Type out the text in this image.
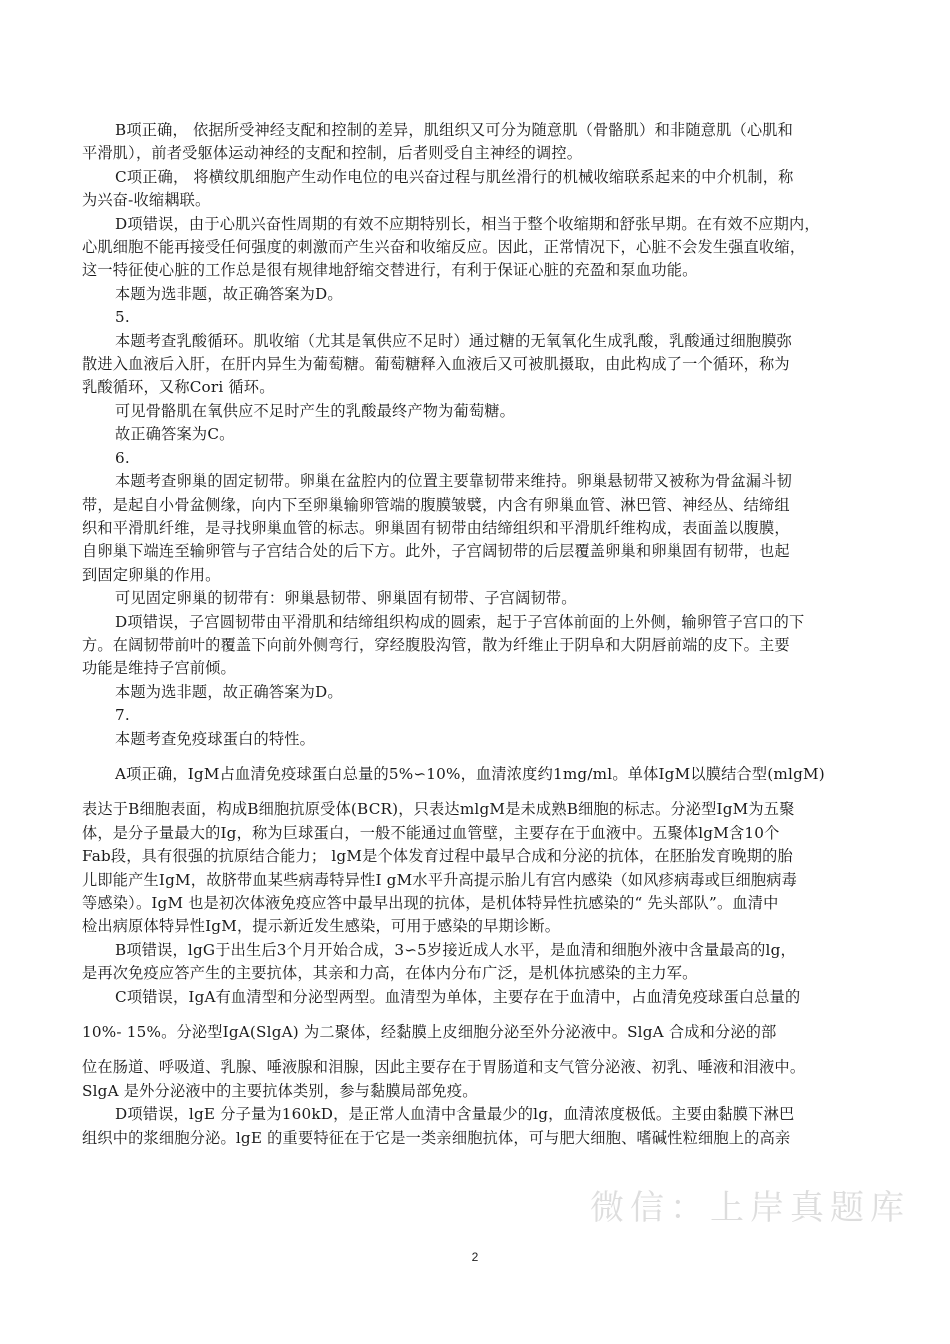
B项正确， 依据所受神经支配和控制的差异，肌组织又可分为随意肌（骨骼肌）和非随意肌（心肌和
平滑肌），前者受躯体运动神经的支配和控制，后者则受自主神经的调控。
C项正确， 将横纹肌细胞产生动作电位的电兴奋过程与肌丝滑行的机械收缩联系起来的中介机制，称
为兴奋-收缩耦联。
D项错误，由于心肌兴奋性周期的有效不应期特别长，相当于整个收缩期和舒张早期。在有效不应期内，
心肌细胞不能再接受任何强度的刺激而产生兴奋和收缩反应。因此，正常情况下，心脏不会发生强直收缩，
这一特征使心脏的工作总是很有规律地舒缩交替进行，有利于保证心脏的充盈和泵血功能。
本题为选非题，故正确答案为D。
5.
本题考查乳酸循环。肌收缩（尤其是氧供应不足时）通过糖的无氧氧化生成乳酸，乳酸通过细胞膜弥
散进入血液后入肝，在肝内异生为葡萄糖。葡萄糖释入血液后又可被肌摄取，由此构成了一个循环，称为
乳酸循环，又称Cori 循环。
可见骨骼肌在氧供应不足时产生的乳酸最终产物为葡萄糖。
故正确答案为C。
6.
本题考查卵巢的固定韧带。卵巢在盆腔内的位置主要靠韧带来维持。卵巢悬韧带又被称为骨盆漏斗韧
带，是起自小骨盆侧缘，向内下至卵巢输卵管端的腹膜皱襞，内含有卵巢血管、淋巴管、神经丛、结缔组
织和平滑肌纤维，是寻找卵巢血管的标志。卵巢固有韧带由结缔组织和平滑肌纤维构成，表面盖以腹膜，
自卵巢下端连至输卵管与子宫结合处的后下方。此外，子宫阔韧带的后层覆盖卵巢和卵巢固有韧带，也起
到固定卵巢的作用。
可见固定卵巢的韧带有：卵巢悬韧带、卵巢固有韧带、子宫阔韧带。
D项错误，子宫圆韧带由平滑肌和结缔组织构成的圆索，起于子宫体前面的上外侧，输卵管子宫口的下
方。在阔韧带前叶的覆盖下向前外侧弯行，穿经腹股沟管，散为纤维止于阴阜和大阴唇前端的皮下。主要
功能是维持子宫前倾。
本题为选非题，故正确答案为D。
7.
本题考查免疫球蛋白的特性。
A项正确，IgM占血清免疫球蛋白总量的5%∽10%，血清浓度约1mg/ml。单体IgM以膜结合型(mlgM)
表达于B细胞表面，构成B细胞抗原受体(BCR)，只表达mlgM是未成熟B细胞的标志。分泌型IgM为五聚
体，是分子量最大的Ig，称为巨球蛋白，一般不能通过血管壁，主要存在于血液中。五聚体lgM含10个
Fab段，具有很强的抗原结合能力； lgM是个体发育过程中最早合成和分泌的抗体，在胚胎发育晚期的胎
儿即能产生IgM，故脐带血某些病毒特异性I gM水平升高提示胎儿有宫内感染（如风疹病毒或巨细胞病毒
等感染）。IgM 也是初次体液免疫应答中最早出现的抗体，是机体特异性抗感染的“ 先头部队”。血清中
检出病原体特异性IgM，提示新近发生感染，可用于感染的早期诊断。
B项错误，lgG于出生后3个月开始合成，3∽5岁接近成人水平，是血清和细胞外液中含量最高的lg，
是再次免疫应答产生的主要抗体，其亲和力高，在体内分布广泛，是机体抗感染的主力军。
C项错误，IgA有血清型和分泌型两型。血清型为单体，主要存在于血清中，占血清免疫球蛋白总量的
10%- 15%。分泌型IgA(SlgA) 为二聚体，经黏膜上皮细胞分泌至外分泌液中。SlgA 合成和分泌的部
位在肠道、呼吸道、乳腺、唾液腺和泪腺，因此主要存在于胃肠道和支气管分泌液、初乳、唾液和泪液中。
SlgA 是外分泌液中的主要抗体类别，参与黏膜局部免疫。
D项错误，lgE 分子量为160kD，是正常人血清中含量最少的lg，血清浓度极低。主要由黏膜下淋巴
组织中的浆细胞分泌。lgE 的重要特征在于它是一类亲细胞抗体，可与肥大细胞、嗜碱性粒细胞上的高亲
微信：上岸真题库
2
